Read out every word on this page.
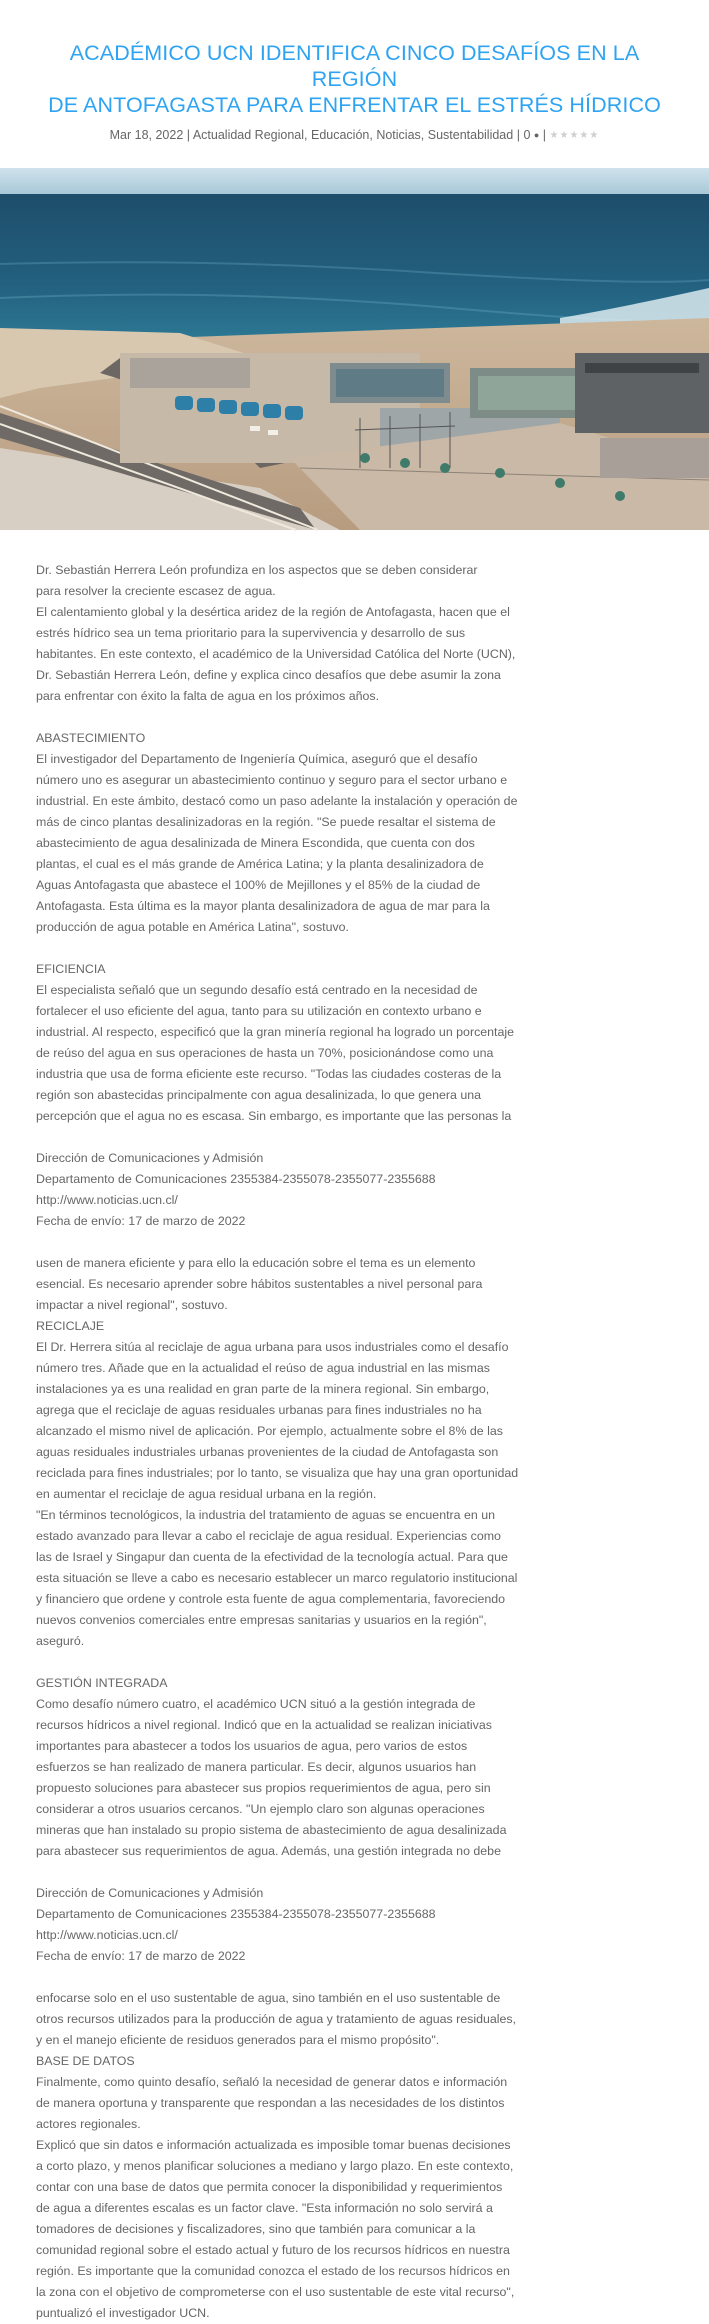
ACADÉMICO UCN IDENTIFICA CINCO DESAFÍOS EN LA REGIÓN
DE ANTOFAGASTA PARA ENFRENTAR EL ESTRÉS HÍDRICO
Mar 18, 2022 | Actualidad Regional, Educación, Noticias, Sustentabilidad | 0 ● | ★★★★★

Dr. Sebastián Herrera León profundiza en los aspectos que se deben considerar

para resolver la creciente escasez de agua.

El calentamiento global y la desértica aridez de la región de Antofagasta, hacen que el

estrés hídrico sea un tema prioritario para la supervivencia y desarrollo de sus

habitantes. En este contexto, el académico de la Universidad Católica del Norte (UCN),

Dr. Sebastián Herrera León, define y explica cinco desafíos que debe asumir la zona

para enfrentar con éxito la falta de agua en los próximos años.

ABASTECIMIENTO

El investigador del Departamento de Ingeniería Química, aseguró que el desafío

número uno es asegurar un abastecimiento continuo y seguro para el sector urbano e

industrial. En este ámbito, destacó como un paso adelante la instalación y operación de

más de cinco plantas desalinizadoras en la región. "Se puede resaltar el sistema de

abastecimiento de agua desalinizada de Minera Escondida, que cuenta con dos

plantas, el cual es el más grande de América Latina; y la planta desalinizadora de

Aguas Antofagasta que abastece el 100% de Mejillones y el 85% de la ciudad de

Antofagasta. Esta última es la mayor planta desalinizadora de agua de mar para la

producción de agua potable en América Latina", sostuvo.

EFICIENCIA

El especialista señaló que un segundo desafío está centrado en la necesidad de

fortalecer el uso eficiente del agua, tanto para su utilización en contexto urbano e

industrial. Al respecto, especificó que la gran minería regional ha logrado un porcentaje

de reúso del agua en sus operaciones de hasta un 70%, posicionándose como una

industria que usa de forma eficiente este recurso. "Todas las ciudades costeras de la

región son abastecidas principalmente con agua desalinizada, lo que genera una

percepción que el agua no es escasa. Sin embargo, es importante que las personas la

Dirección de Comunicaciones y Admisión

Departamento de Comunicaciones 2355384-2355078-2355077-2355688

http://www.noticias.ucn.cl/

Fecha de envío: 17 de marzo de 2022

usen de manera eficiente y para ello la educación sobre el tema es un elemento

esencial. Es necesario aprender sobre hábitos sustentables a nivel personal para

impactar a nivel regional", sostuvo.

RECICLAJE

El Dr. Herrera sitúa al reciclaje de agua urbana para usos industriales como el desafío

número tres. Añade que en la actualidad el reúso de agua industrial en las mismas

instalaciones ya es una realidad en gran parte de la minera regional. Sin embargo,

agrega que el reciclaje de aguas residuales urbanas para fines industriales no ha

alcanzado el mismo nivel de aplicación. Por ejemplo, actualmente sobre el 8% de las

aguas residuales industriales urbanas provenientes de la ciudad de Antofagasta son

reciclada para fines industriales; por lo tanto, se visualiza que hay una gran oportunidad

en aumentar el reciclaje de agua residual urbana en la región.

"En términos tecnológicos, la industria del tratamiento de aguas se encuentra en un

estado avanzado para llevar a cabo el reciclaje de agua residual. Experiencias como

las de Israel y Singapur dan cuenta de la efectividad de la tecnología actual. Para que

esta situación se lleve a cabo es necesario establecer un marco regulatorio institucional

y financiero que ordene y controle esta fuente de agua complementaria, favoreciendo

nuevos convenios comerciales entre empresas sanitarias y usuarios en la región",

aseguró.

GESTIÓN INTEGRADA

Como desafío número cuatro, el académico UCN situó a la gestión integrada de

recursos hídricos a nivel regional. Indicó que en la actualidad se realizan iniciativas

importantes para abastecer a todos los usuarios de agua, pero varios de estos

esfuerzos se han realizado de manera particular. Es decir, algunos usuarios han

propuesto soluciones para abastecer sus propios requerimientos de agua, pero sin

considerar a otros usuarios cercanos. "Un ejemplo claro son algunas operaciones

mineras que han instalado su propio sistema de abastecimiento de agua desalinizada

para abastecer sus requerimientos de agua. Además, una gestión integrada no debe

Dirección de Comunicaciones y Admisión

Departamento de Comunicaciones 2355384-2355078-2355077-2355688

http://www.noticias.ucn.cl/

Fecha de envío: 17 de marzo de 2022

enfocarse solo en el uso sustentable de agua, sino también en el uso sustentable de

otros recursos utilizados para la producción de agua y tratamiento de aguas residuales,

y en el manejo eficiente de residuos generados para el mismo propósito".

BASE DE DATOS

Finalmente, como quinto desafío, señaló la necesidad de generar datos e información

de manera oportuna y transparente que respondan a las necesidades de los distintos

actores regionales.

Explicó que sin datos e información actualizada es imposible tomar buenas decisiones

a corto plazo, y menos planificar soluciones a mediano y largo plazo. En este contexto,

contar con una base de datos que permita conocer la disponibilidad y requerimientos

de agua a diferentes escalas es un factor clave. "Esta información no solo servirá a

tomadores de decisiones y fiscalizadores, sino que también para comunicar a la

comunidad regional sobre el estado actual y futuro de los recursos hídricos en nuestra

región. Es importante que la comunidad conozca el estado de los recursos hídricos en

la zona con el objetivo de comprometerse con el uso sustentable de este vital recurso",

puntualizó el investigador UCN.
